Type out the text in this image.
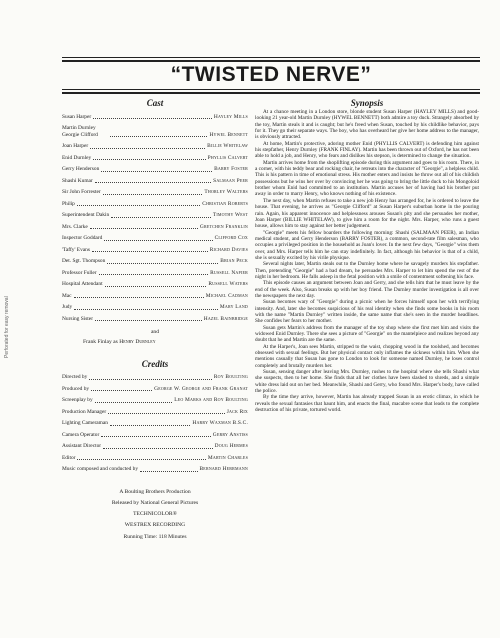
“TWISTED NERVE”
Perforated for easy removal
Cast
Susan Harper	Hayley Mills
Martin Durnley
Georgie Clifford	Hywel Bennett
Joan Harper	Billie Whitelaw
Enid Durnley	Phyllis Calvert
Gerry Henderson	Barry Foster
Shashi Kumar	Salmaan Peer
Sir John Forrester	Thorley Walters
Philip	Christian Roberts
Superintendent Dakin	Timothy West
Mrs. Clarke	Gretchen Franklin
Inspector Goddard	Clifford Cox
'Taffy' Evans	Richard Davies
Det. Sgt. Thompson	Brian Peck
Professor Fuller	Russell Napier
Hospital Attendant	Russell Waters
Mac	Michael Cadman
Judy	Mary Land
Nursing Sister	Hazel Bainbridge
and
Frank Finlay as Henry Durnley
Credits
Directed by	Roy Boulting
Produced by	George W. George and Frank Granat
Screenplay by	Leo Marks and Roy Boulting
Production Manager	Jack Rix
Lighting Cameraman	Harry Waxman B.S.C.
Camera Operator	Gerry Anstiss
Assistant Director	Doug Hermes
Editor	Martin Charles
Music composed and conducted by	Bernard Herrmann
A Boulting Brothers Production
Released by National General Pictures
TECHNICOLOR®
WESTREX RECORDING
Running Time: 118 Minutes
Synopsis

At a chance meeting in a London store, blonde student Susan Harper (HAYLEY MILLS) and good-looking 21 year-old Martin Durnley (HYWEL BENNETT) both admire a toy duck. Strangely absorbed by the toy, Martin steals it and is caught; but he's freed when Susan, touched by his childlike behavior, pays for it. They go their separate ways. The boy, who has overheard her give her home address to the manager, is obviously attracted.

At home, Martin's protective, adoring mother Enid (PHYLLIS CALVERT) is defending him against his stepfather, Henry Durnley (FRANK FINLAY). Martin has been thrown out of Oxford, he has not been able to hold a job, and Henry, who fears and dislikes his stepson, is determined to change the situation.

Martin arrives home from the shoplifting episode during this argument and goes to his room. There, in a corner, with his teddy bear and rocking chair, he retreats into the character of "Georgie", a helpless child. This is his pattern in time of emotional stress. His mother enters and insists he throw out all of his childish possessions but he wins her over by convincing her he was going to bring the little duck to his Mongoloid brother whom Enid had committed to an institution. Martin accuses her of having had his brother put away in order to marry Henry, who knows nothing of his existence.

The next day, when Martin refuses to take a new job Henry has arranged for, he is ordered to leave the house. That evening, he arrives as "Georgie Clifford" at Susan Harper's suburban home in the pouring rain. Again, his apparent innocence and helplessness arouses Susan's pity and she persuades her mother, Joan Harper (BILLIE WHITELAW), to give him a room for the night. Mrs. Harper, who runs a guest house, allows him to stay against her better judgement.

"Georgie" meets his fellow boarders the following morning: Shashi (SALMAAN PEER), an Indian medical student, and Gerry Henderson (BARRY FOSTER), a common, second-rate film salesman, who occupies a privileged position in the household as Joan's lover. In the next few days, "Georgie" wins them over, and Mrs. Harper tells him he can stay indefinitely. In fact, although his behavior is that of a child, she is sexually excited by his virile physique.

Several nights later, Martin steals out to the Durnley home where he savagely murders his stepfather. Then, pretending "Georgie" had a bad dream, he persuades Mrs. Harper to let him spend the rest of the night in her bedroom. He falls asleep in the fetal position with a smile of contentment softening his face.

This episode causes an argument between Joan and Gerry, and she tells him that he must leave by the end of the week. Also, Susan breaks up with her boy friend. The Durnley murder investigation is all over the newspapers the next day.

Susan becomes wary of "Georgie" during a picnic when he forces himself upon her with terrifying intensity. And, later she becomes suspicious of his real identity when she finds some books in his room with the name "Martin Durnley" written inside, the same name that she's seen in the murder headlines. She confides her fears to her mother.

Susan gets Martin's address from the manager of the toy shop where she first met him and visits the widowed Enid Durnley. There she sees a picture of "Georgie" on the mantelpiece and realizes beyond any doubt that he and Martin are the same.

At the Harper's, Joan sees Martin, stripped to the waist, chopping wood in the toolshed, and becomes obsessed with sexual feelings. But her physical contact only inflames the sickness within him. When she mentions casually that Susan has gone to London to look for someone named Durnley, he loses control completely and brutally murders her.

Susan, sensing danger after leaving Mrs. Durnley, rushes to the hospital where she tells Shashi what she suspects, then to her home. She finds that all her clothes have been slashed to shreds, and a simple white dress laid out on her bed. Meanwhile, Shashi and Gerry, who found Mrs. Harper's body, have called the police.

By the time they arrive, however, Martin has already trapped Susan in an erotic climax, in which he reveals the sexual fantasies that haunt him, and enacts the final, macabre scene that leads to the complete destruction of his private, tortured world.
